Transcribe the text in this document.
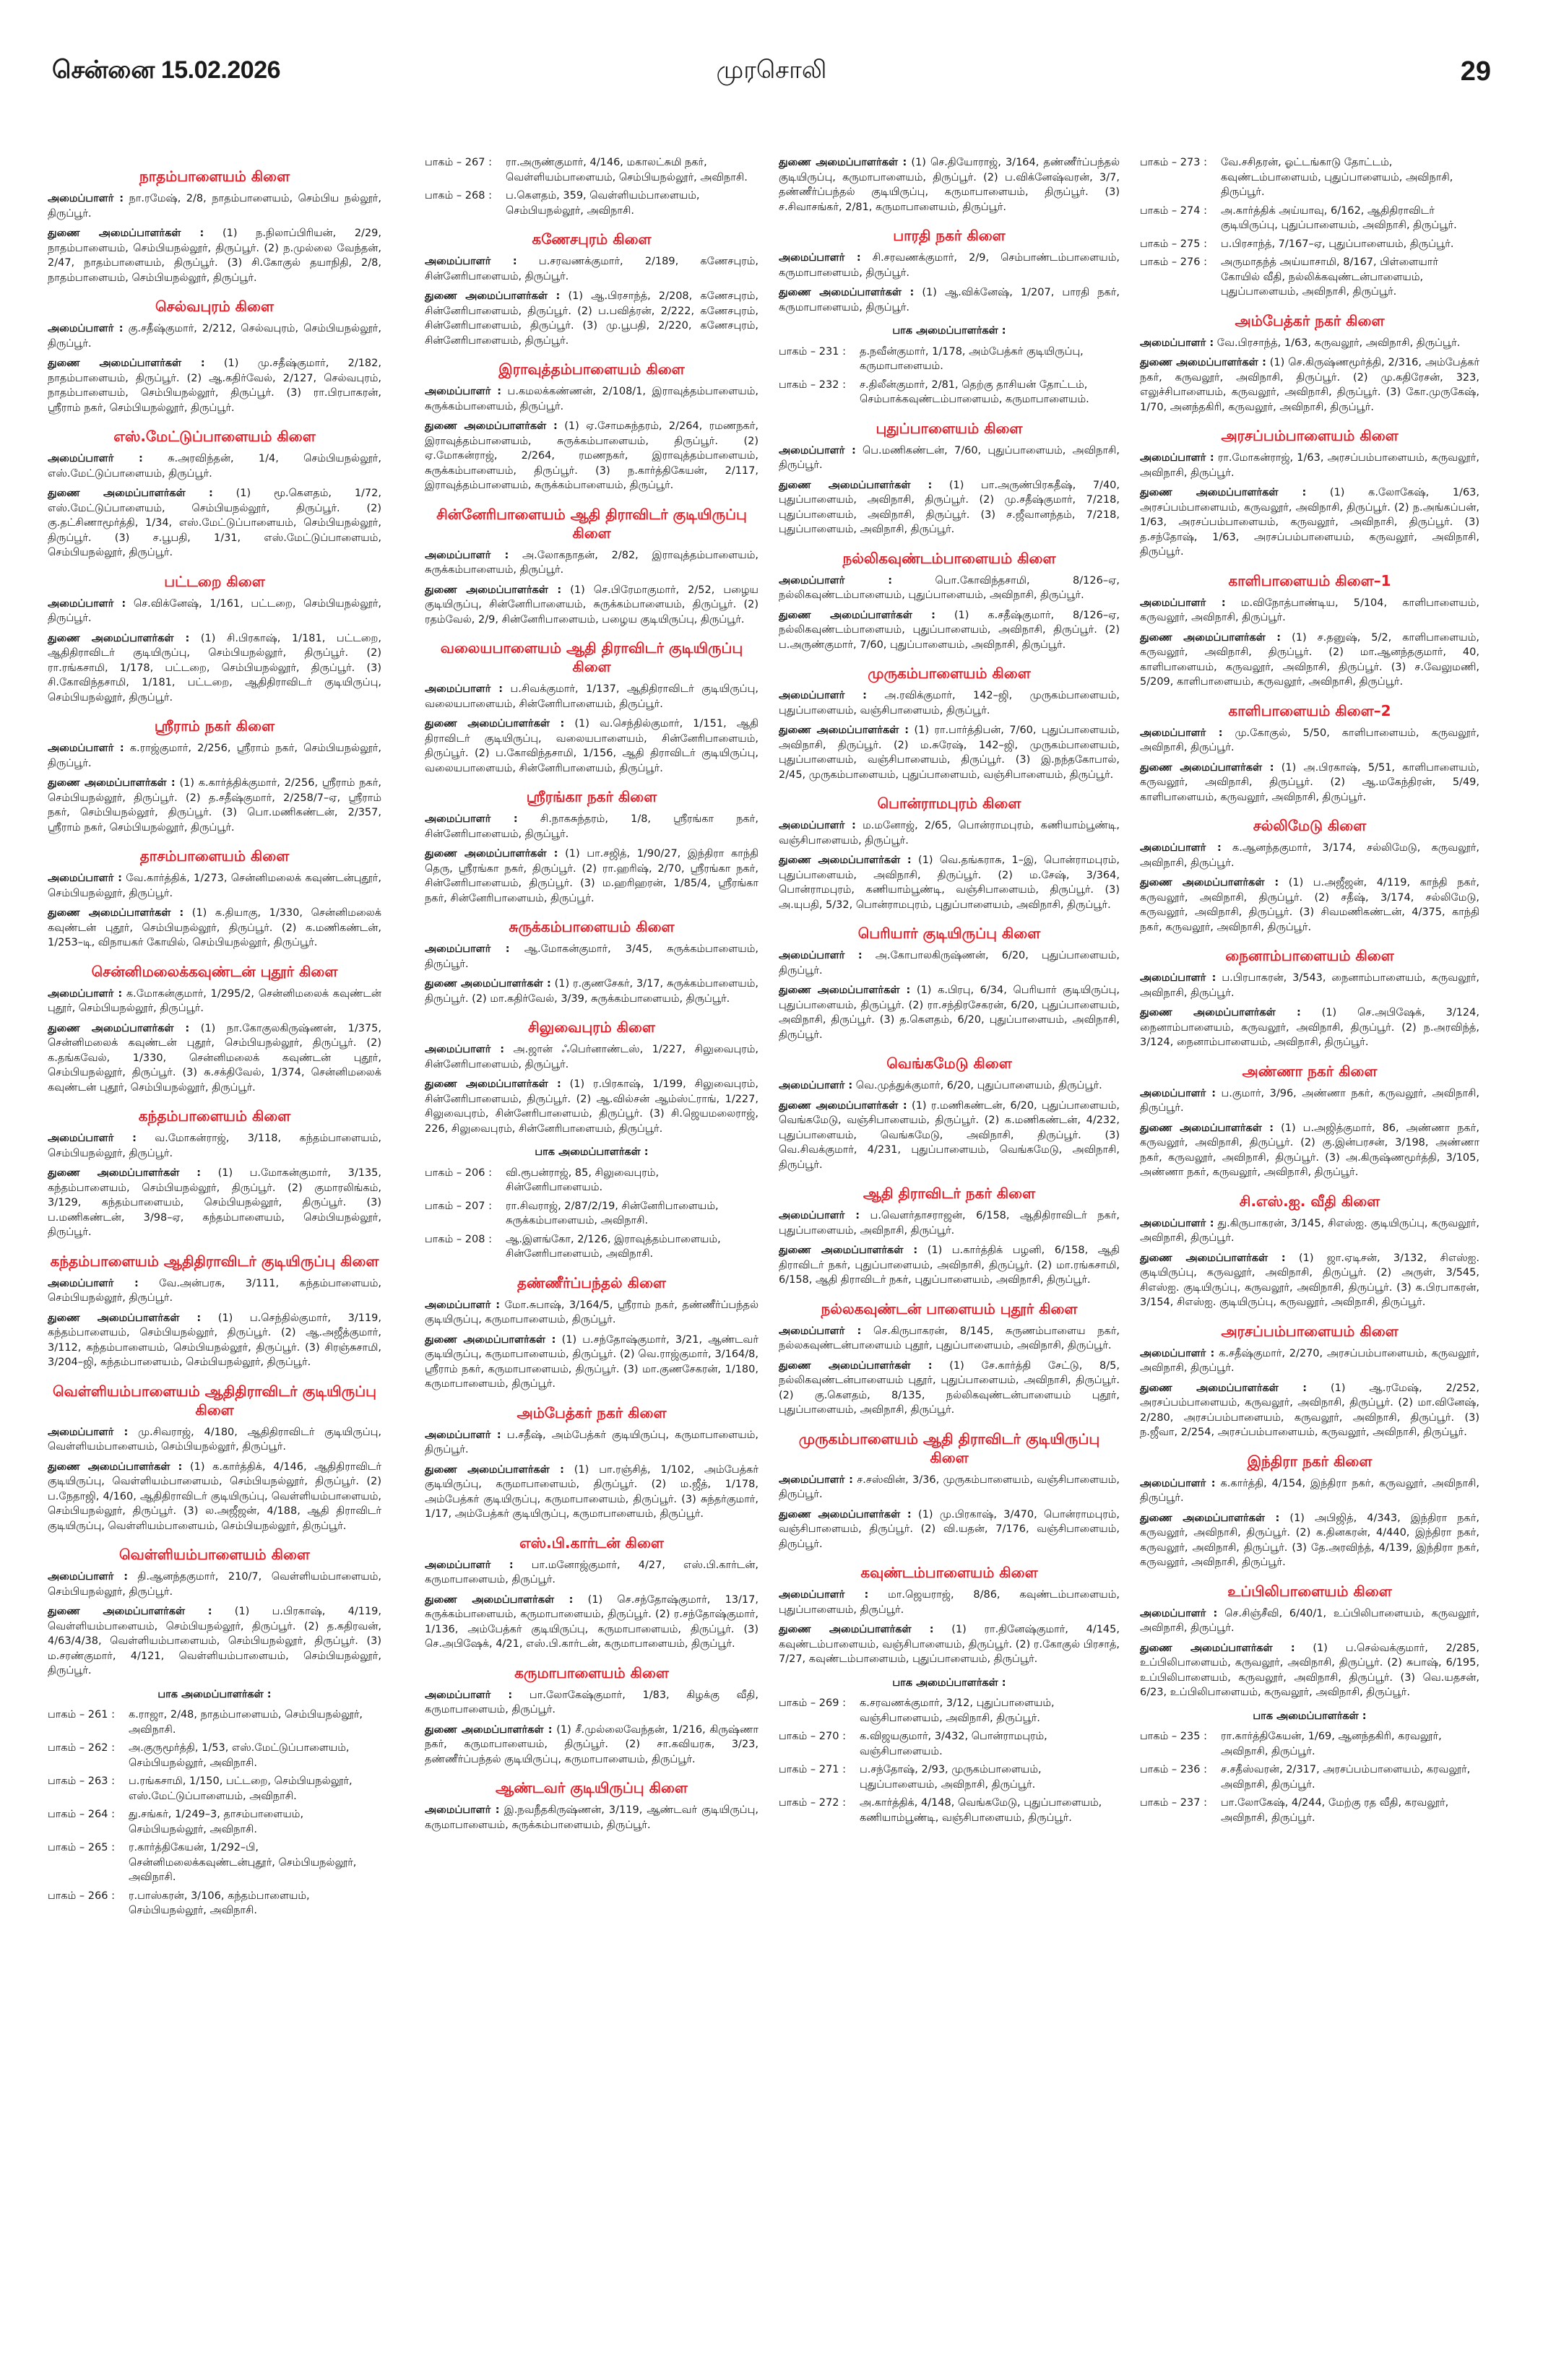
சென்னை 15.02.2026	முரசொலி	29
நாதம்பாளையம் கிளை

அமைப்பாளர் : நா.ரமேஷ், 2/8, நாதம்பாளையம், செம்பிய நல்லூர், திருப்பூர்.

துணை அமைப்பாளர்கள் : (1) ந.நிலாப்பிரியன், 2/29, நாதம்பாளையம், செம்பியநல்லூர், திருப்பூர். (2) ந.முல்லை வேந்தன், 2/47, நாதம்பாளையம், திருப்பூர். (3) சி.கோகுல் தயாநிதி, 2/8, நாதம்பாளையம், செம்பியநல்லூர், திருப்பூர்.

செல்வபுரம் கிளை

அமைப்பாளர் : கு.சதீஷ்குமார், 2/212, செல்வபுரம், செம்பியநல்லூர், திருப்பூர்.

துணை அமைப்பாளர்கள் : (1) மு.சதீஷ்குமார், 2/182, நாதம்பாளையம், திருப்பூர். (2) ஆ.கதிர்வேல், 2/127, செல்வபுரம், நாதம்பாளையம், செம்பியநல்லூர், திருப்பூர். (3) ரா.பிரபாகரன், ஸ்ரீராம் நகர், செம்பியநல்லூர், திருப்பூர்.

எஸ்.மேட்டுப்பாளையம் கிளை

அமைப்பாளர் : சு.அரவிந்தன், 1/4, செம்பியநல்லூர், எஸ்.மேட்டுப்பாளையம், திருப்பூர்.

துணை அமைப்பாளர்கள் : (1) மூ.கௌதம், 1/72, எஸ்.மேட்டுப்பாளையம், செம்பியநல்லூர், திருப்பூர். (2) கு.தட்சிணாமூர்த்தி, 1/34, எஸ்.மேட்டுப்பாளையம், செம்பியநல்லூர், திருப்பூர். (3) ச.பூபதி, 1/31, எஸ்.மேட்டுப்பாளையம், செம்பியநல்லூர், திருப்பூர்.

பட்டறை கிளை

அமைப்பாளர் : செ.விக்னேஷ், 1/161, பட்டறை, செம்பியநல்லூர், திருப்பூர்.

துணை அமைப்பாளர்கள் : (1) சி.பிரகாஷ், 1/181, பட்டறை, ஆதிதிராவிடர் குடியிருப்பு, செம்பியநல்லூர், திருப்பூர். (2) ரா.ரங்கசாமி, 1/178, பட்டறை, செம்பியநல்லூர், திருப்பூர். (3) சி.கோவிந்தசாமி, 1/181, பட்டறை, ஆதிதிராவிடர் குடியிருப்பு, செம்பியநல்லூர், திருப்பூர்.

ஸ்ரீராம் நகர் கிளை

அமைப்பாளர் : க.ராஜ்குமார், 2/256, ஸ்ரீராம் நகர், செம்பியநல்லூர், திருப்பூர்.

துணை அமைப்பாளர்கள் : (1) க.கார்த்திக்குமார், 2/256, ஸ்ரீராம் நகர், செம்பியநல்லூர், திருப்பூர். (2) த.சதீஷ்குமார், 2/258/7–ஏ, ஸ்ரீராம் நகர், செம்பியநல்லூர், திருப்பூர். (3) பொ.மணிகண்டன், 2/357, ஸ்ரீராம் நகர், செம்பியநல்லூர், திருப்பூர்.

தாசம்பாளையம் கிளை

அமைப்பாளர் : வே.கார்த்திக், 1/273, சென்னிமலைக் கவுண்டன்புதூர், செம்பியநல்லூர், திருப்பூர்.

துணை அமைப்பாளர்கள் : (1) க.தியாகு, 1/330, சென்னிமலைக் கவுண்டன் புதூர், செம்பியநல்லூர், திருப்பூர். (2) க.மணிகண்டன், 1/253–டி, விநாயகர் கோயில், செம்பியநல்லூர், திருப்பூர்.

சென்னிமலைக்கவுண்டன் புதூர் கிளை

அமைப்பாளர் : க.மோகன்குமார், 1/295/2, சென்னிமலைக் கவுண்டன் புதூர், செம்பியநல்லூர், திருப்பூர்.

துணை அமைப்பாளர்கள் : (1) நா.கோகுலகிருஷ்ணன், 1/375, சென்னிமலைக் கவுண்டன் புதூர், செம்பியநல்லூர், திருப்பூர். (2) க.தங்கவேல், 1/330, சென்னிமலைக் கவுண்டன் புதூர், செம்பியநல்லூர், திருப்பூர். (3) சு.சக்திவேல், 1/374, சென்னிமலைக் கவுண்டன் புதூர், செம்பியநல்லூர், திருப்பூர்.

கந்தம்பாளையம் கிளை

அமைப்பாளர் : வ.மோகன்ராஜ், 3/118, கந்தம்பாளையம், செம்பியநல்லூர், திருப்பூர்.

துணை அமைப்பாளர்கள் : (1) ப.மோகன்குமார், 3/135, கந்தம்பாளையம், செம்பியநல்லூர், திருப்பூர். (2) குமாரலிங்கம், 3/129, கந்தம்பாளையம், செம்பியநல்லூர், திருப்பூர். (3) ப.மணிகண்டன், 3/98–ஏ, கந்தம்பாளையம், செம்பியநல்லூர், திருப்பூர்.

கந்தம்பாளையம் ஆதிதிராவிடர் குடியிருப்பு கிளை

அமைப்பாளர் : வே.அன்பரசு, 3/111, கந்தம்பாளையம், செம்பியநல்லூர், திருப்பூர்.

துணை அமைப்பாளர்கள் : (1) ப.செந்தில்குமார், 3/119, கந்தம்பாளையம், செம்பியநல்லூர், திருப்பூர். (2) ஆ.அஜீத்குமார், 3/112, கந்தம்பாளையம், செம்பியநல்லூர், திருப்பூர். (3) சிரஞ்சுசாமி, 3/204–ஜி, கந்தம்பாளையம், செம்பியநல்லூர், திருப்பூர்.

வெள்ளியம்பாளையம் ஆதிதிராவிடர் குடியிருப்பு கிளை

அமைப்பாளர் : மு.சிவராஜ், 4/180, ஆதிதிராவிடர் குடியிருப்பு, வெள்ளியம்பாளையம், செம்பியநல்லூர், திருப்பூர்.

துணை அமைப்பாளர்கள் : (1) க.கார்த்திக், 4/146, ஆதிதிராவிடர் குடியிருப்பு, வெள்ளியம்பாளையம், செம்பியநல்லூர், திருப்பூர். (2) ப.நேதாஜி, 4/160, ஆதிதிராவிடர் குடியிருப்பு, வெள்ளியம்பாளையம், செம்பியநல்லூர், திருப்பூர். (3) ல.அஜீஜன், 4/188, ஆதி திராவிடர் குடியிருப்பு, வெள்ளியம்பாளையம், செம்பியநல்லூர், திருப்பூர்.

வெள்ளியம்பாளையம் கிளை

அமைப்பாளர் : தி.ஆனந்தகுமார், 210/7, வெள்ளியம்பாளையம், செம்பியநல்லூர், திருப்பூர்.

துணை அமைப்பாளர்கள் : (1) ப.பிரகாஷ், 4/119, வெள்ளியம்பாளையம், செம்பியநல்லூர், திருப்பூர். (2) த.கதிரவன், 4/63/4/38, வெள்ளியம்பாளையம், செம்பியநல்லூர், திருப்பூர். (3) ம.சரண்குமார், 4/121, வெள்ளியம்பாளையம், செம்பியநல்லூர், திருப்பூர்.

பாக அமைப்பாளர்கள் :
பாகம் – 261 :	க.ராஜா, 2/48, நாதம்பாளையம், செம்பியநல்லூர், அவிநாசி.
பாகம் – 262 :	அ.குருமூர்த்தி, 1/53, எஸ்.மேட்டுப்பாளையம், செம்பியநல்லூர், அவிநாசி.
பாகம் – 263 :	ப.ரங்கசாமி, 1/150, பட்டறை, செம்பியநல்லூர், எஸ்.மேட்டுப்பாளையம், அவிநாசி.
பாகம் – 264 :	து.சங்கர், 1/249–3, தாசம்பாளையம், செம்பியநல்லூர், அவிநாசி.
பாகம் – 265 :	ர.கார்த்திகேயன், 1/292–பி, சென்னிமலைக்கவுண்டன்புதூர், செம்பியநல்லூர், அவிநாசி.
பாகம் – 266 :	ர.பாஸ்கரன், 3/106, கந்தம்பாளையம், செம்பியநல்லூர், அவிநாசி.
பாகம் – 267 :	ரா.அருண்குமார், 4/146, மகாலட்சுமி நகர், வெள்ளியம்பாளையம், செம்பியநல்லூர், அவிநாசி.
பாகம் – 268 :	ப.கௌதம், 359, வெள்ளியம்பாளையம், செம்பியநல்லூர், அவிநாசி.
கணேசபுரம் கிளை

அமைப்பாளர் : ப.சரவணக்குமார், 2/189, கணேசபுரம், சின்னேரிபாளையம், திருப்பூர்.

துணை அமைப்பாளர்கள் : (1) ஆ.பிரசாந்த், 2/208, கணேசபுரம், சின்னேரிபாளையம், திருப்பூர். (2) ப.பவித்ரன், 2/222, கணேசபுரம், சின்னேரிபாளையம், திருப்பூர். (3) மு.பூபதி, 2/220, கணேசபுரம், சின்னேரிபாளையம், திருப்பூர்.

இராவுத்தம்பாளையம் கிளை

அமைப்பாளர் : ப.கமலக்கண்ணன், 2/108/1, இராவுத்தம்பாளையம், சுருக்கம்பாளையம், திருப்பூர்.

துணை அமைப்பாளர்கள் : (1) ஏ.சோமசுந்தரம், 2/264, ரமணநகர், இராவுத்தம்பாளையம், சுருக்கம்பாளையம், திருப்பூர். (2) ஏ.மோகன்ராஜ், 2/264, ரமணநகர், இராவுத்தம்பாளையம், சுருக்கம்பாளையம், திருப்பூர். (3) ந.கார்த்திகேயன், 2/117, இராவுத்தம்பாளையம், சுருக்கம்பாளையம், திருப்பூர்.

சின்னேரிபாளையம் ஆதி திராவிடர் குடியிருப்பு கிளை

அமைப்பாளர் : அ.லோகநாதன், 2/82, இராவுத்தம்பாளையம், சுருக்கம்பாளையம், திருப்பூர்.

துணை அமைப்பாளர்கள் : (1) செ.பிரேமாகுமார், 2/52, பழைய குடியிருப்பு, சின்னேரிபாளையம், சுருக்கம்பாளையம், திருப்பூர். (2) ரதம்வேல், 2/9, சின்னேரிபாளையம், பழைய குடியிருப்பு, திருப்பூர்.

வலையபாளையம் ஆதி திராவிடர் குடியிருப்பு கிளை

அமைப்பாளர் : ப.சிவக்குமார், 1/137, ஆதிதிராவிடர் குடியிருப்பு, வலையபாளையம், சின்னேரிபாளையம், திருப்பூர்.

துணை அமைப்பாளர்கள் : (1) வ.செந்தில்குமார், 1/151, ஆதி திராவிடர் குடியிருப்பு, வலையபாளையம், சின்னேரிபாளையம், திருப்பூர். (2) ப.கோவிந்தசாமி, 1/156, ஆதி திராவிடர் குடியிருப்பு, வலையபாளையம், சின்னேரிபாளையம், திருப்பூர்.

ஸ்ரீரங்கா நகர் கிளை

அமைப்பாளர் : சி.நாகசுந்தரம், 1/8, ஸ்ரீரங்கா நகர், சின்னேரிபாளையம், திருப்பூர்.

துணை அமைப்பாளர்கள் : (1) பா.சஜித், 1/90/27, இந்திரா காந்தி தெரு, ஸ்ரீரங்கா நகர், திருப்பூர். (2) ரா.ஹரிஷ், 2/70, ஸ்ரீரங்கா நகர், சின்னேரிபாளையம், திருப்பூர். (3) ம.ஹரிஹரன், 1/85/4, ஸ்ரீரங்கா நகர், சின்னேரிபாளையம், திருப்பூர்.

சுருக்கம்பாளையம் கிளை

அமைப்பாளர் : ஆ.மோகன்குமார், 3/45, சுருக்கம்பாளையம், திருப்பூர்.

துணை அமைப்பாளர்கள் : (1) ர.குணசேகர், 3/17, சுருக்கம்பாளையம், திருப்பூர். (2) மா.கதிர்வேல், 3/39, சுருக்கம்பாளையம், திருப்பூர்.

சிலுவைபுரம் கிளை

அமைப்பாளர் : அ.ஜான் ஃபெர்னாண்டஸ், 1/227, சிலுவைபுரம், சின்னேரிபாளையம், திருப்பூர்.

துணை அமைப்பாளர்கள் : (1) ர.பிரகாஷ், 1/199, சிலுவைபுரம், சின்னேரிபாளையம், திருப்பூர். (2) ஆ.வில்சன் ஆம்ஸ்ட்ராங், 1/227, சிலுவைபுரம், சின்னேரிபாளையம், திருப்பூர். (3) சி.ஜெயமலைராஜ், 226, சிலுவைபுரம், சின்னேரிபாளையம், திருப்பூர்.

பாக அமைப்பாளர்கள் :
பாகம் – 206 :	வி.ரூபன்ராஜ், 85, சிலுவைபுரம், சின்னேரிபாளையம்.
பாகம் – 207 :	ரா.சிவராஜ், 2/87/2/19, சின்னேரிபாளையம், சுருக்கம்பாளையம், அவிநாசி.
பாகம் – 208 :	ஆ.இளங்கோ, 2/126, இராவுத்தம்பாளையம், சின்னேரிபாளையம், அவிநாசி.
தண்ணீர்ப்பந்தல் கிளை

அமைப்பாளர் : மோ.சுபாஷ், 3/164/5, ஸ்ரீராம் நகர், தண்ணீர்ப்பந்தல் குடியிருப்பு, கருமாபாளையம், திருப்பூர்.

துணை அமைப்பாளர்கள் : (1) ப.சந்தோஷ்குமார், 3/21, ஆண்டவர் குடியிருப்பு, கருமாபாளையம், திருப்பூர். (2) வெ.ராஜ்குமார், 3/164/8, ஸ்ரீராம் நகர், கருமாபாளையம், திருப்பூர். (3) மா.குணசேகரன், 1/180, கருமாபாளையம், திருப்பூர்.

அம்பேத்கர் நகர் கிளை

அமைப்பாளர் : ப.சதீஷ், அம்பேத்கர் குடியிருப்பு, கருமாபாளையம், திருப்பூர்.

துணை அமைப்பாளர்கள் : (1) பா.ரஞ்சித், 1/102, அம்பேத்கர் குடியிருப்பு, கருமாபாளையம், திருப்பூர். (2) ம.ஜீத், 1/178, அம்பேத்கர் குடியிருப்பு, கருமாபாளையம், திருப்பூர். (3) சுந்தர்குமார், 1/17, அம்பேத்கர் குடியிருப்பு, கருமாபாளையம், திருப்பூர்.

எஸ்.பி.கார்டன் கிளை

அமைப்பாளர் : பா.மனோஜ்குமார், 4/27, எஸ்.பி.கார்டன், கருமாபாளையம், திருப்பூர்.

துணை அமைப்பாளர்கள் : (1) செ.சந்தோஷ்குமார், 13/17, சுருக்கம்பாளையம், கருமாபாளையம், திருப்பூர். (2) ர.சந்தோஷ்குமார், 1/136, அம்பேத்கர் குடியிருப்பு, கருமாபாளையம், திருப்பூர். (3) செ.அபிஷேக், 4/21, எஸ்.பி.கார்டன், கருமாபாளையம், திருப்பூர்.

கருமாபாளையம் கிளை

அமைப்பாளர் : பா.லோகேஷ்குமார், 1/83, கிழக்கு வீதி, கருமாபாளையம், திருப்பூர்.

துணை அமைப்பாளர்கள் : (1) சீ.முல்லைவேந்தன், 1/216, கிருஷ்ணா நகர், கருமாபாளையம், திருப்பூர். (2) சா.கவியரசு, 3/23, தண்ணீர்ப்பந்தல் குடியிருப்பு, கருமாபாளையம், திருப்பூர்.

ஆண்டவர் குடியிருப்பு கிளை

அமைப்பாளர் : இ.நவநீதகிருஷ்ணன், 3/119, ஆண்டவர் குடியிருப்பு, கருமாபாளையம், சுருக்கம்பாளையம், திருப்பூர்.

துணை அமைப்பாளர்கள் : (1) செ.தியோராஜ், 3/164, தண்ணீர்ப்பந்தல் குடியிருப்பு, கருமாபாளையம், திருப்பூர். (2) ப.விக்னேஷ்வரன், 3/7, தண்ணீர்ப்பந்தல் குடியிருப்பு, கருமாபாளையம், திருப்பூர். (3) ச.சிவாசங்கர், 2/81, கருமாபாளையம், திருப்பூர்.

பாரதி நகர் கிளை

அமைப்பாளர் : சி.சரவணக்குமார், 2/9, செம்பாண்டம்பாளையம், கருமாபாளையம், திருப்பூர்.

துணை அமைப்பாளர்கள் : (1) ஆ.விக்னேஷ், 1/207, பாரதி நகர், கருமாபாளையம், திருப்பூர்.

பாக அமைப்பாளர்கள் :
பாகம் – 231 :	த.நவீன்குமார், 1/178, அம்பேத்கர் குடியிருப்பு, கருமாபாளையம்.
பாகம் – 232 :	ச.திலீன்குமார், 2/81, தெற்கு தாசியன் தோட்டம், செம்பாக்கவுண்டம்பாளையம், கருமாபாளையம்.
புதுப்பாளையம் கிளை

அமைப்பாளர் : பெ.மணிகண்டன், 7/60, புதுப்பாளையம், அவிநாசி, திருப்பூர்.

துணை அமைப்பாளர்கள் : (1) பா.அருண்பிரகதீஷ், 7/40, புதுப்பாளையம், அவிநாசி, திருப்பூர். (2) மு.சதீஷ்குமார், 7/218, புதுப்பாளையம், அவிநாசி, திருப்பூர். (3) ச.ஜீவானந்தம், 7/218, புதுப்பாளையம், அவிநாசி, திருப்பூர்.

நல்லிகவுண்டம்பாளையம் கிளை

அமைப்பாளர் :	பொ.கோவிந்தசாமி, 8/126–ஏ, நல்லிகவுண்டம்பாளையம், புதுப்பாளையம், அவிநாசி, திருப்பூர்.

துணை அமைப்பாளர்கள் : (1) க.சதீஷ்குமார், 8/126–ஏ, நல்லிகவுண்டம்பாளையம், புதுப்பாளையம், அவிநாசி, திருப்பூர். (2) ப.அருண்குமார், 7/60, புதுப்பாளையம், அவிநாசி, திருப்பூர்.

முருகம்பாளையம் கிளை

அமைப்பாளர் : அ.ரவிக்குமார், 142–ஜி, முருகம்பாளையம், புதுப்பாளையம், வஞ்சிபாளையம், திருப்பூர்.

துணை அமைப்பாளர்கள் : (1) ரா.பார்த்திபன், 7/60, புதுப்பாளையம், அவிநாசி, திருப்பூர். (2) ம.சுரேஷ், 142–ஜி, முருகம்பாளையம், புதுப்பாளையம், வஞ்சிபாளையம், திருப்பூர். (3) இ.நந்தகோபால், 2/45, முருகம்பாளையம், புதுப்பாளையம், வஞ்சிபாளையம், திருப்பூர்.

பொன்ராமபுரம் கிளை

அமைப்பாளர் : ம.மனோஜ், 2/65, பொன்ராமபுரம், கணியாம்பூண்டி, வஞ்சிபாளையம், திருப்பூர்.

துணை அமைப்பாளர்கள் : (1) வெ.தங்கராசு, 1–இ, பொன்ராமபுரம், புதுப்பாளையம், அவிநாசி, திருப்பூர். (2) ம.சேஷ், 3/364, பொன்ராமபுரம், கணியாம்பூண்டி, வஞ்சிபாளையம், திருப்பூர். (3) அ.யுபதி, 5/32, பொன்ராமபுரம், புதுப்பாளையம், அவிநாசி, திருப்பூர்.

பெரியார் குடியிருப்பு கிளை

அமைப்பாளர் : அ.கோபாலகிருஷ்ணன், 6/20, புதுப்பாளையம், திருப்பூர்.

துணை அமைப்பாளர்கள் : (1) க.பிரபு, 6/34, பெரியார் குடியிருப்பு, புதுப்பாளையம், திருப்பூர். (2) ரா.சந்திரசேகரன், 6/20, புதுப்பாளையம், அவிநாசி, திருப்பூர். (3) த.கௌதம், 6/20, புதுப்பாளையம், அவிநாசி, திருப்பூர்.

வெங்கமேடு கிளை

அமைப்பாளர் : வெ.முத்துக்குமார், 6/20, புதுப்பாளையம், திருப்பூர்.

துணை அமைப்பாளர்கள் : (1) ர.மணிகண்டன், 6/20, புதுப்பாளையம், வெங்கமேடு, வஞ்சிபாளையம், திருப்பூர். (2) க.மணிகண்டன், 4/232, புதுப்பாளையம், வெங்கமேடு, அவிநாசி, திருப்பூர். (3) வெ.சிவக்குமார், 4/231, புதுப்பாளையம், வெங்கமேடு, அவிநாசி, திருப்பூர்.

ஆதி திராவிடர் நகர் கிளை

அமைப்பாளர் : ப.வெளர்தாசராஜன், 6/158, ஆதிதிராவிடர் நகர், புதுப்பாளையம், அவிநாசி, திருப்பூர்.

துணை அமைப்பாளர்கள் : (1) ப.கார்த்திக் பழனி, 6/158, ஆதி திராவிடர் நகர், புதுப்பாளையம், அவிநாசி, திருப்பூர். (2) மா.ரங்கசாமி, 6/158, ஆதி திராவிடர் நகர், புதுப்பாளையம், அவிநாசி, திருப்பூர்.

நல்லகவுண்டன் பாளையம் புதூர் கிளை

அமைப்பாளர் : செ.கிருபாகரன், 8/145, சுருணம்பாளைய நகர், நல்லகவுண்டன்பாளையம் புதூர், புதுப்பாளையம், அவிநாசி, திருப்பூர்.

துணை அமைப்பாளர்கள் : (1) சே.கார்த்தி சேட்டு, 8/5, நல்லிகவுண்டன்பாளையம் புதூர், புதுப்பாளையம், அவிநாசி, திருப்பூர். (2) கு.கௌதம், 8/135, நல்லிகவுண்டன்பாளையம் புதூர், புதுப்பாளையம், அவிநாசி, திருப்பூர்.

முருகம்பாளையம் ஆதி திராவிடர் குடியிருப்பு கிளை

அமைப்பாளர் : ச.சஸ்வின், 3/36, முருகம்பாளையம், வஞ்சிபாளையம், திருப்பூர்.

துணை அமைப்பாளர்கள் : (1) மு.பிரகாஷ், 3/470, பொன்ராமபுரம், வஞ்சிபாளையம், திருப்பூர். (2) வி.யதன், 7/176, வஞ்சிபாளையம், திருப்பூர்.

கவுண்டம்பாளையம் கிளை

அமைப்பாளர் : மா.ஜெயராஜ், 8/86, கவுண்டம்பாளையம், புதுப்பாளையம், திருப்பூர்.

துணை அமைப்பாளர்கள் : (1) ரா.தினேஷ்குமார், 4/145, கவுண்டம்பாளையம், வஞ்சிபாளையம், திருப்பூர். (2) ர.கோகுல் பிரசாத், 7/27, கவுண்டம்பாளையம், புதுப்பாளையம், திருப்பூர்.

பாக அமைப்பாளர்கள் :
பாகம் – 269 :	க.சரவணக்குமார், 3/12, புதுப்பாளையம், வஞ்சிபாளையம், அவிநாசி, திருப்பூர்.
பாகம் – 270 :	க.விஜயகுமார், 3/432, பொன்ராமபுரம், வஞ்சிபாளையம்.
பாகம் – 271 :	ப.சந்தோஷ், 2/93, முருகம்பாளையம், புதுப்பாளையம், அவிநாசி, திருப்பூர்.
பாகம் – 272 :	அ.கார்த்திக், 4/148, வெங்கமேடு, புதுப்பாளையம், கணியாம்பூண்டி, வஞ்சிபாளையம், திருப்பூர்.
பாகம் – 273 :	வே.சசிதரன், ஓட்டங்காடு தோட்டம், கவுண்டம்பாளையம், புதுப்பாளையம், அவிநாசி, திருப்பூர்.
பாகம் – 274 :	அ.கார்த்திக் அய்யாவு, 6/162, ஆதிதிராவிடர் குடியிருப்பு, புதுப்பாளையம், அவிநாசி, திருப்பூர்.
பாகம் – 275 :	ப.பிரசாந்த், 7/167–ஏ, புதுப்பாளையம், திருப்பூர்.
பாகம் – 276 :	அருமாதந்த் அய்யாசாமி, 8/167, பிள்ளையார் கோயில் வீதி, நல்லிக்கவுண்டன்பாளையம், புதுப்பாளையம், அவிநாசி, திருப்பூர்.
அம்பேத்கர் நகர் கிளை

அமைப்பாளர் : வே.பிரசாந்த், 1/63, கருவலூர், அவிநாசி, திருப்பூர்.

துணை அமைப்பாளர்கள் : (1) செ.கிருஷ்ணமூர்த்தி, 2/316, அம்பேத்கர் நகர், கருவலூர், அவிநாசி, திருப்பூர். (2) மு.கதிரேசன், 323, எலுச்சிபாளையம், கருவலூர், அவிநாசி, திருப்பூர். (3) கோ.முருகேஷ், 1/70, அனந்தகிரி, கருவலூர், அவிநாசி, திருப்பூர்.

அரசப்பம்பாளையம் கிளை

அமைப்பாளர் : ரா.மோகன்ராஜ், 1/63, அரசப்பம்பாளையம், கருவலூர், அவிநாசி, திருப்பூர்.

துணை அமைப்பாளர்கள் : (1) க.லோகேஷ், 1/63, அரசப்பம்பாளையம், கருவலூர், அவிநாசி, திருப்பூர். (2) ந.அங்கப்பன், 1/63, அரசப்பம்பாளையம், கருவலூர், அவிநாசி, திருப்பூர். (3) த.சந்தோஷ், 1/63, அரசப்பம்பாளையம், கருவலூர், அவிநாசி, திருப்பூர்.

காளிபாளையம் கிளை–1

அமைப்பாளர் : ம.விநோத்பாண்டிய, 5/104, காளிபாளையம், கருவலூர், அவிநாசி, திருப்பூர்.

துணை அமைப்பாளர்கள் : (1) ச.தனுஷ், 5/2, காளிபாளையம், கருவலூர், அவிநாசி, திருப்பூர். (2) மா.ஆனந்தகுமார், 40, காளிபாளையம், கருவலூர், அவிநாசி, திருப்பூர். (3) ச.வேலுமணி, 5/209, காளிபாளையம், கருவலூர், அவிநாசி, திருப்பூர்.

காளிபாளையம் கிளை–2

அமைப்பாளர் : மு.கோகுல், 5/50, காளிபாளையம், கருவலூர், அவிநாசி, திருப்பூர்.

துணை அமைப்பாளர்கள் : (1) அ.பிரகாஷ், 5/51, காளிபாளையம், கருவலூர், அவிநாசி, திருப்பூர். (2) ஆ.மகேந்திரன், 5/49, காளிபாளையம், கருவலூர், அவிநாசி, திருப்பூர்.

சல்லிமேடு கிளை

அமைப்பாளர் : க.ஆனந்தகுமார், 3/174, சல்லிமேடு, கருவலூர், அவிநாசி, திருப்பூர்.

துணை அமைப்பாளர்கள் : (1) ப.அஜீஜன், 4/119, காந்தி நகர், கருவலூர், அவிநாசி, திருப்பூர். (2) சதீஷ், 3/174, சல்லிமேடு, கருவலூர், அவிநாசி, திருப்பூர். (3) சிவமணிகண்டன், 4/375, காந்தி நகர், கருவலூர், அவிநாசி, திருப்பூர்.

நைனாம்பாளையம் கிளை

அமைப்பாளர் : ப.பிரபாகரன், 3/543, நைனாம்பாளையம், கருவலூர், அவிநாசி, திருப்பூர்.

துணை அமைப்பாளர்கள் : (1) செ.அபிஷேக், 3/124, நைனாம்பாளையம், கருவலூர், அவிநாசி, திருப்பூர். (2) ந.அரவிந்த், 3/124, நைனாம்பாளையம், அவிநாசி, திருப்பூர்.

அண்ணா நகர் கிளை

அமைப்பாளர் : ப.குமார், 3/96, அண்ணா நகர், கருவலூர், அவிநாசி, திருப்பூர்.

துணை அமைப்பாளர்கள் : (1) ப.அஜித்குமார், 86, அண்ணா நகர், கருவலூர், அவிநாசி, திருப்பூர். (2) கு.இன்பரசன், 3/198, அண்ணா நகர், கருவலூர், அவிநாசி, திருப்பூர். (3) அ.கிருஷ்ணமூர்த்தி, 3/105, அண்ணா நகர், கருவலூர், அவிநாசி, திருப்பூர்.

சி.எஸ்.ஐ. வீதி கிளை

அமைப்பாளர் : து.கிருபாகரன், 3/145, சிஎஸ்ஐ. குடியிருப்பு, கருவலூர், அவிநாசி, திருப்பூர்.

துணை அமைப்பாளர்கள் : (1) ஜா.ஏடிசன், 3/132, சிஎஸ்ஐ. குடியிருப்பு, கருவலூர், அவிநாசி, திருப்பூர். (2) அருள், 3/545, சிஎஸ்ஐ. குடியிருப்பு, கருவலூர், அவிநாசி, திருப்பூர். (3) க.பிரபாகரன், 3/154, சிஎஸ்ஐ. குடியிருப்பு, கருவலூர், அவிநாசி, திருப்பூர்.

அரசப்பம்பாளையம் கிளை

அமைப்பாளர் : க.சதீஷ்குமார், 2/270, அரசப்பம்பாளையம், கருவலூர், அவிநாசி, திருப்பூர்.

துணை அமைப்பாளர்கள் : (1) ஆ.ரமேஷ், 2/252, அரசப்பம்பாளையம், கருவலூர், அவிநாசி, திருப்பூர். (2) மா.வினேஷ், 2/280, அரசப்பம்பாளையம், கருவலூர், அவிநாசி, திருப்பூர். (3) ந.ஜீவா, 2/254, அரசப்பம்பாளையம், கருவலூர், அவிநாசி, திருப்பூர்.

இந்திரா நகர் கிளை

அமைப்பாளர் : க.கார்த்தி, 4/154, இந்திரா நகர், கருவலூர், அவிநாசி, திருப்பூர்.

துணை அமைப்பாளர்கள் : (1) அபிஜித், 4/343, இந்திரா நகர், கருவலூர், அவிநாசி, திருப்பூர். (2) க.தினகரன், 4/440, இந்திரா நகர், கருவலூர், அவிநாசி, திருப்பூர். (3) தே.அரவிந்த், 4/139, இந்திரா நகர், கருவலூர், அவிநாசி, திருப்பூர்.

உப்பிலிபாளையம் கிளை

அமைப்பாளர் : செ.சிஞ்சீவி, 6/40/1, உப்பிலிபாளையம், கருவலூர், அவிநாசி, திருப்பூர்.

துணை அமைப்பாளர்கள் : (1) ப.செல்வக்குமார், 2/285, உப்பிலிபாளையம், கருவலூர், அவிநாசி, திருப்பூர். (2) சுபாஷ், 6/195, உப்பிலிபாளையம், கருவலூர், அவிநாசி, திருப்பூர். (3) வெ.யதசன், 6/23, உப்பிலிபாளையம், கருவலூர், அவிநாசி, திருப்பூர்.

பாக அமைப்பாளர்கள் :
பாகம் – 235 :	ரா.கார்த்திகேயன், 1/69, ஆனந்தகிரி, கரவலூர், அவிநாசி, திருப்பூர்.
பாகம் – 236 :	ச.சதீஸ்வரன், 2/317, அரசப்பம்பாளையம், கரவலூர், அவிநாசி, திருப்பூர்.
பாகம் – 237 :	பா.லோகேஷ், 4/244, மேற்கு ரத வீதி, கரவலூர், அவிநாசி, திருப்பூர்.
